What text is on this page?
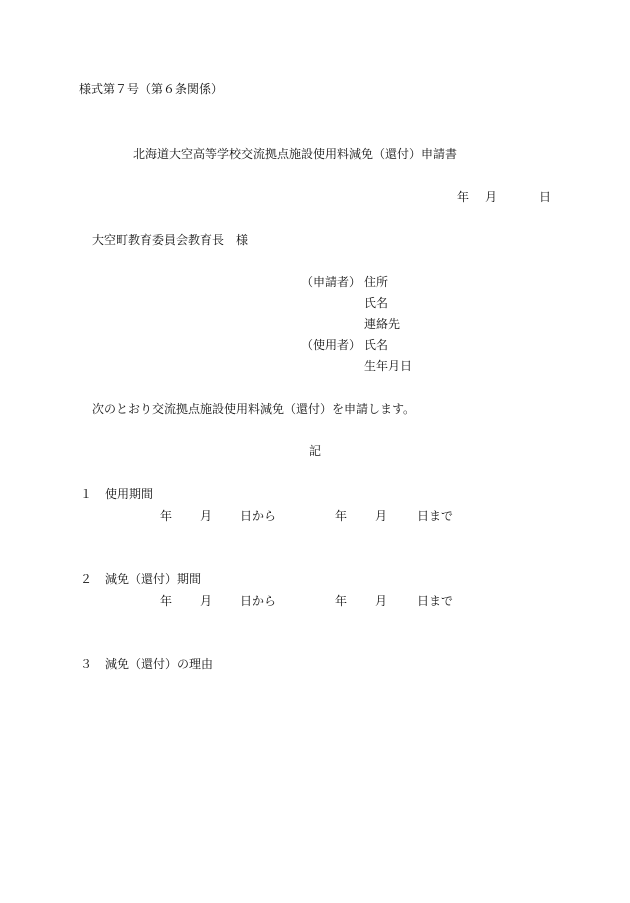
様式第７号（第６条関係）
北海道大空高等学校交流拠点施設使用料減免（還付）申請書
年 月	日
大空町教育委員会教育長　様
（申請者） 住所
氏名
連絡先
（使用者） 氏名
生年月日
次のとおり交流拠点施設使用料減免（還付）を申請します。
記
１ 使用期間
年	月	日から	年	月	日まで
２ 減免（還付）期間
年	月	日から	年	月	日まで
３ 減免（還付）の理由
